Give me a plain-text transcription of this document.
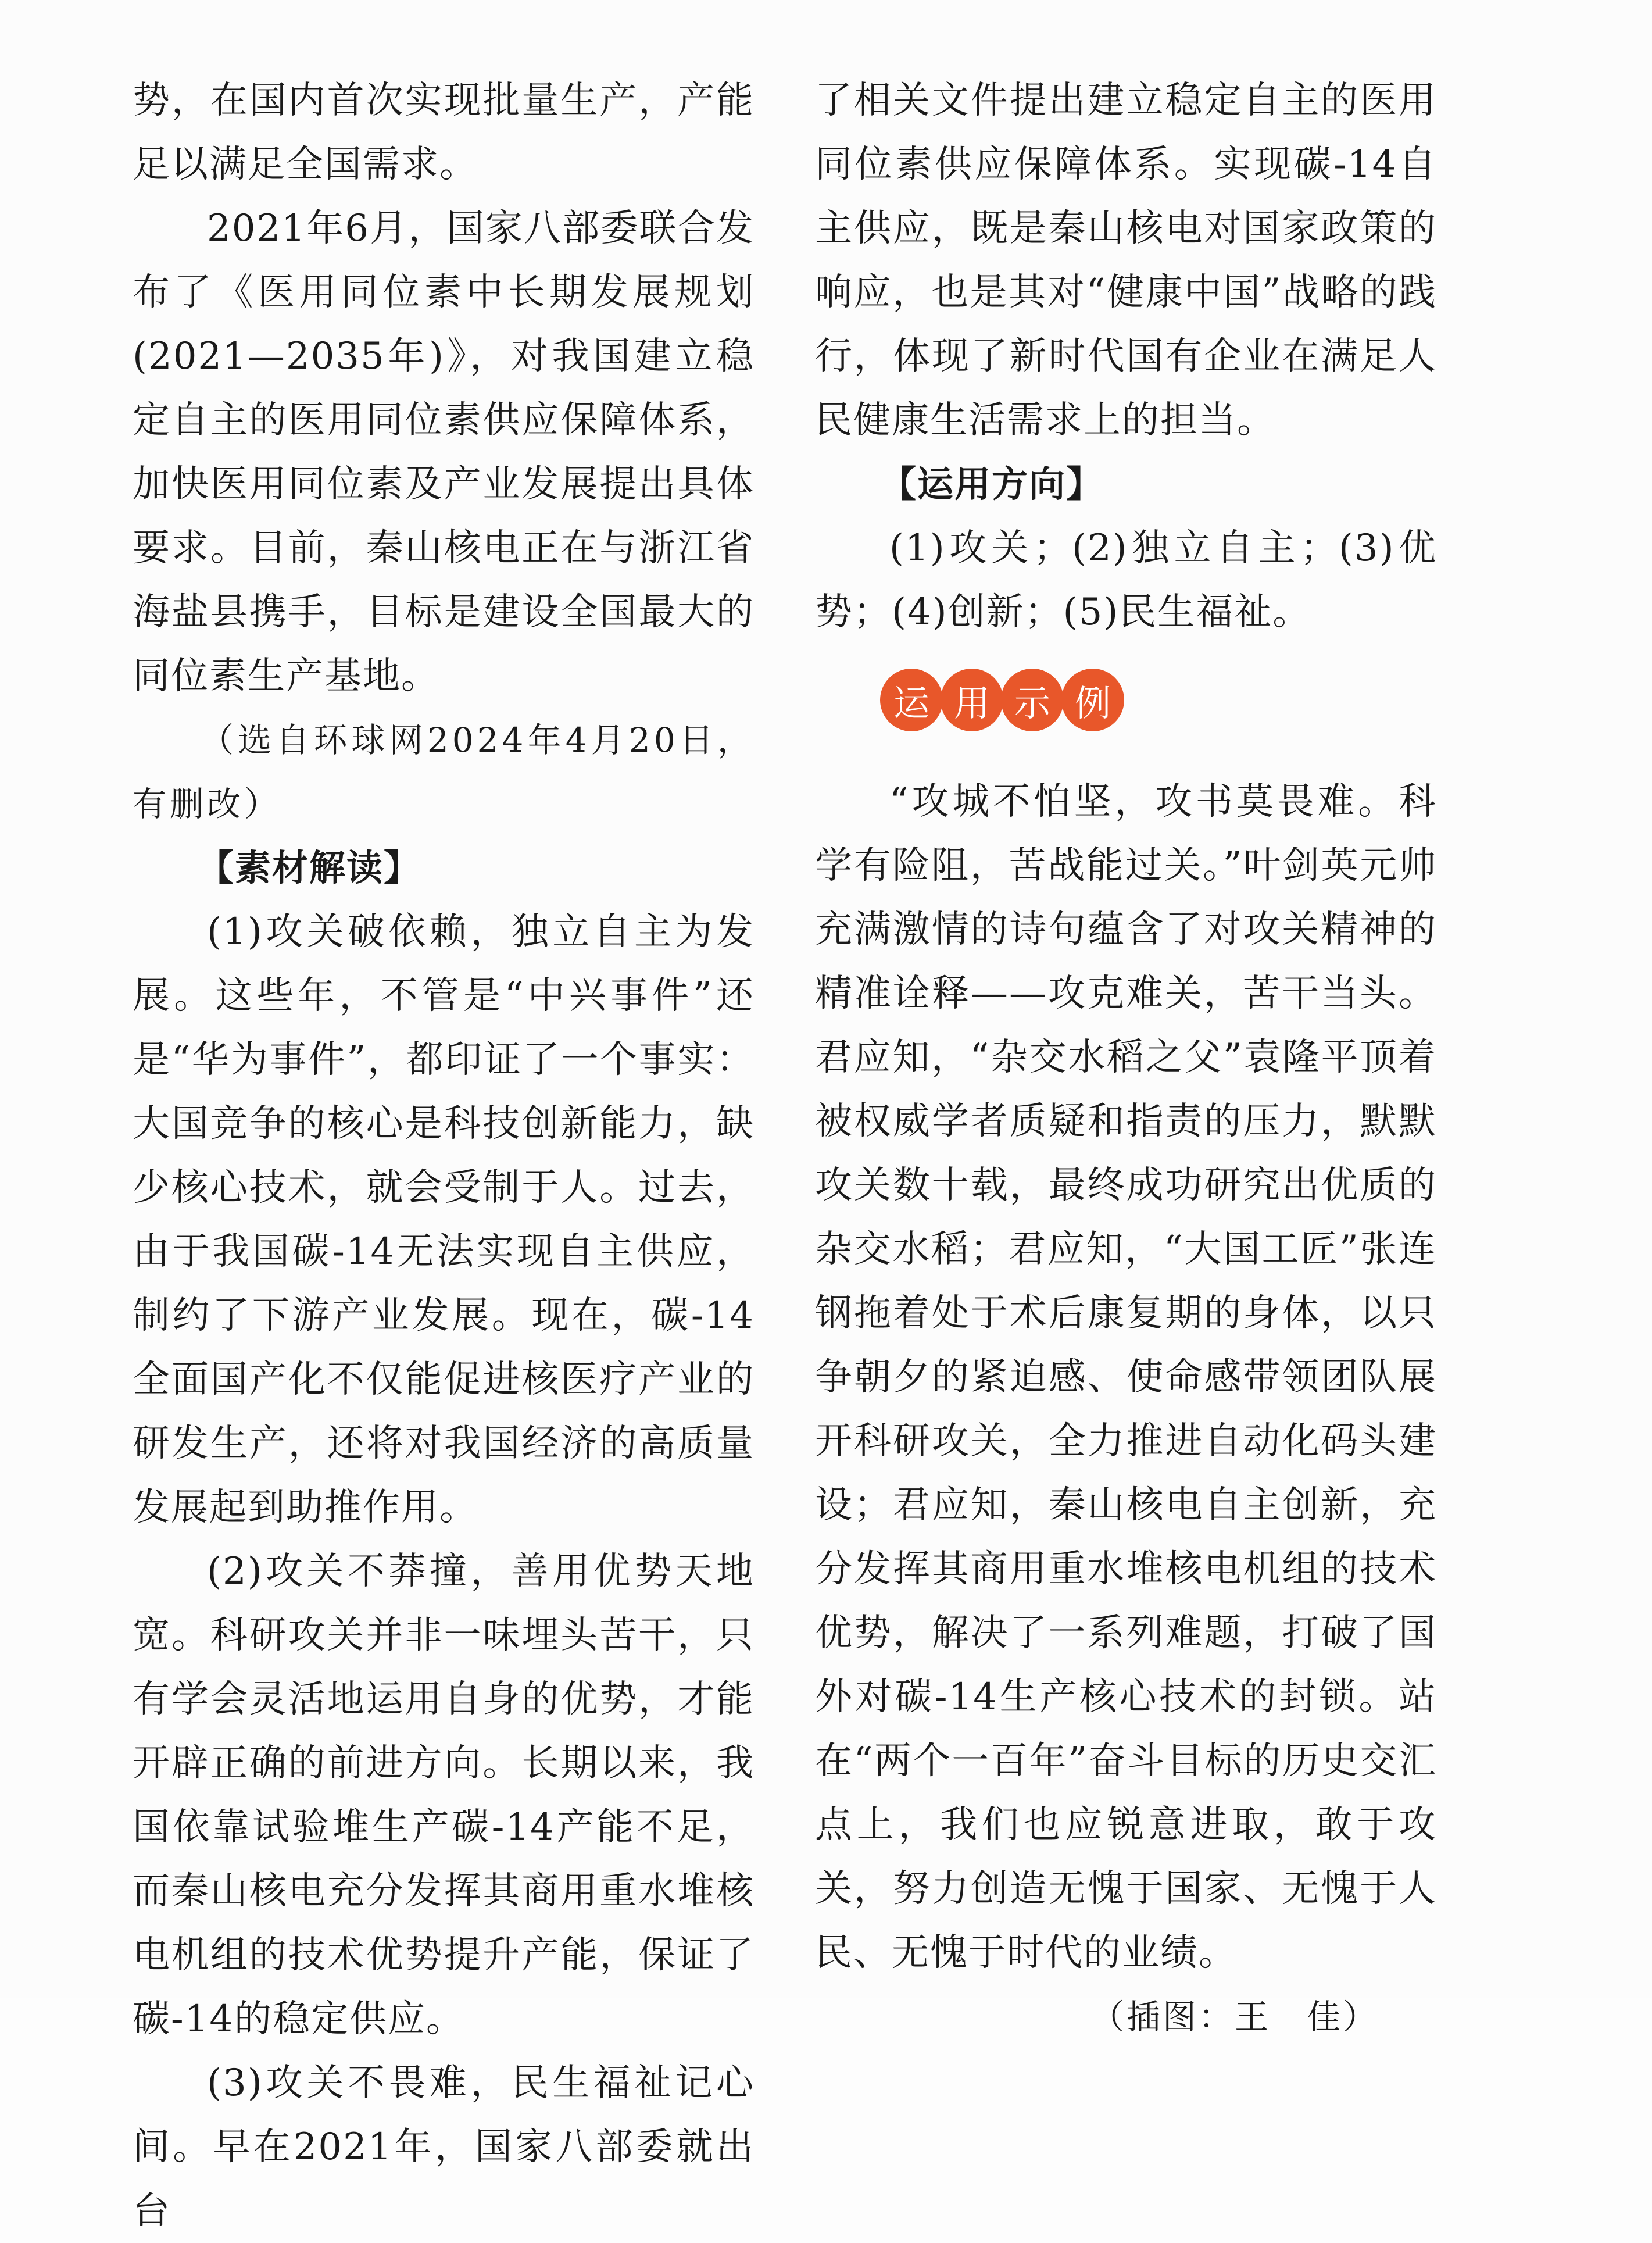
势，在国内首次实现批量生产，产能足以满足全国需求。

2021年6月，国家八部委联合发布了《医用同位素中长期发展规划(2021—2035年)》，对我国建立稳定自主的医用同位素供应保障体系，加快医用同位素及产业发展提出具体要求。目前，秦山核电正在与浙江省海盐县携手，目标是建设全国最大的同位素生产基地。

（选自环球网2024年4月20日，有删改）

【素材解读】

(1)攻关破依赖，独立自主为发展。这些年，不管是“中兴事件”还是“华为事件”，都印证了一个事实：大国竞争的核心是科技创新能力，缺少核心技术，就会受制于人。过去，由于我国碳-14无法实现自主供应，制约了下游产业发展。现在，碳-14全面国产化不仅能促进核医疗产业的研发生产，还将对我国经济的高质量发展起到助推作用。

(2)攻关不莽撞，善用优势天地宽。科研攻关并非一味埋头苦干，只有学会灵活地运用自身的优势，才能开辟正确的前进方向。长期以来，我国依靠试验堆生产碳-14产能不足，而秦山核电充分发挥其商用重水堆核电机组的技术优势提升产能，保证了碳-14的稳定供应。

(3)攻关不畏难，民生福祉记心间。早在2021年，国家八部委就出台

了相关文件提出建立稳定自主的医用同位素供应保障体系。实现碳-14自主供应，既是秦山核电对国家政策的响应，也是其对“健康中国”战略的践行，体现了新时代国有企业在满足人民健康生活需求上的担当。

【运用方向】

(1)攻关；(2)独立自主；(3)优势；(4)创新；(5)民生福祉。

运 用 示 例

“攻城不怕坚，攻书莫畏难。科学有险阻，苦战能过关。”叶剑英元帅充满激情的诗句蕴含了对攻关精神的精准诠释——攻克难关，苦干当头。君应知，“杂交水稻之父”袁隆平顶着被权威学者质疑和指责的压力，默默攻关数十载，最终成功研究出优质的杂交水稻；君应知，“大国工匠”张连钢拖着处于术后康复期的身体，以只争朝夕的紧迫感、使命感带领团队展开科研攻关，全力推进自动化码头建设；君应知，秦山核电自主创新，充分发挥其商用重水堆核电机组的技术优势，解决了一系列难题，打破了国外对碳-14生产核心技术的封锁。站在“两个一百年”奋斗目标的历史交汇点上，我们也应锐意进取，敢于攻关，努力创造无愧于国家、无愧于人民、无愧于时代的业绩。

（插图：王　佳）
